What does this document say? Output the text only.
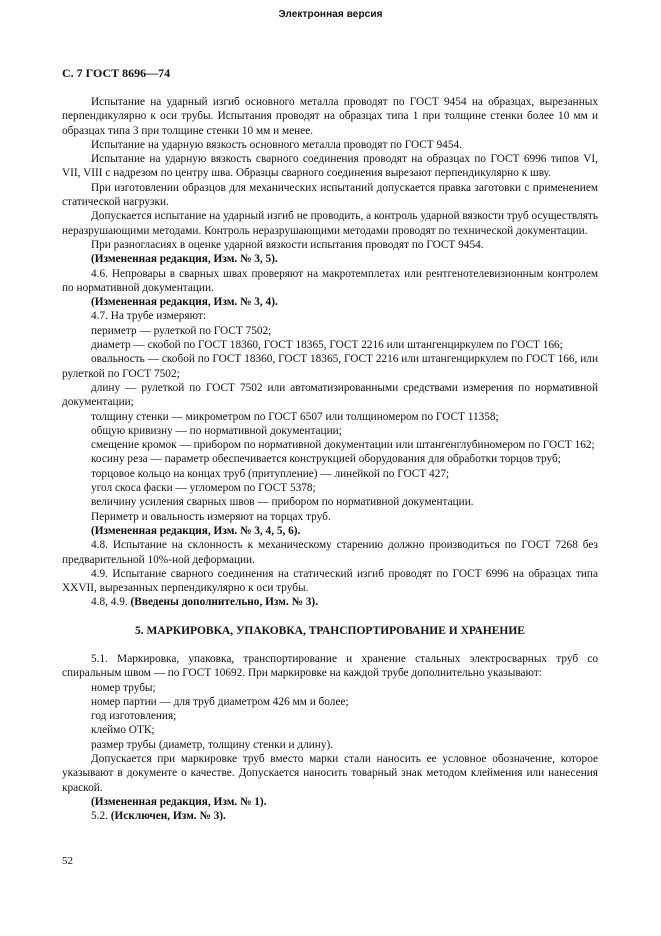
Электронная версия
С. 7 ГОСТ 8696—74

Испытание на ударный изгиб основного металла проводят по ГОСТ 9454 на образцах, вырезанных перпендикулярно к оси трубы. Испытания проводят на образцах типа 1 при толщине стенки более 10 мм и образцах типа 3 при толщине стенки 10 мм и менее.

Испытание на ударную вязкость основного металла проводят по ГОСТ 9454.

Испытание на ударную вязкость сварного соединения проводят на образцах по ГОСТ 6996 типов VI, VII, VIII с надрезом по центру шва. Образцы сварного соединения вырезают перпендикулярно к шву.

При изготовлении образцов для механических испытаний допускается правка заготовки с применением статической нагрузки.

Допускается испытание на ударный изгиб не проводить, а контроль ударной вязкости труб осуществлять неразрушающими методами. Контроль неразрушающими методами проводят по технической документации.

При разногласиях в оценке ударной вязкости испытания проводят по ГОСТ 9454.

(Измененная редакция, Изм. № 3, 5).

4.6. Непровары в сварных швах проверяют на макротемплетах или рентгенотелевизионным контролем по нормативной документации.

(Измененная редакция, Изм. № 3, 4).

4.7. На трубе измеряют:

периметр — рулеткой по ГОСТ 7502;

диаметр — скобой по ГОСТ 18360, ГОСТ 18365, ГОСТ 2216 или штангенциркулем по ГОСТ 166;

овальность — скобой по ГОСТ 18360, ГОСТ 18365, ГОСТ 2216 или штангенциркулем по ГОСТ 166, или рулеткой по ГОСТ 7502;

длину — рулеткой по ГОСТ 7502 или автоматизированными средствами измерения по нормативной документации;

толщину стенки — микрометром по ГОСТ 6507 или толщиномером по ГОСТ 11358;

общую кривизну — по нормативной документации;

смещение кромок — прибором по нормативной документации или штангенглубиномером по ГОСТ 162;

косину реза — параметр обеспечивается конструкцией оборудования для обработки торцов труб;

торцовое кольцо на концах труб (притупление) — линейкой по ГОСТ 427;

угол скоса фаски — угломером по ГОСТ 5378;

величину усиления сварных швов — прибором по нормативной документации.

Периметр и овальность измеряют на торцах труб.

(Измененная редакция, Изм. № 3, 4, 5, 6).

4.8. Испытание на склонность к механическому старению должно производиться по ГОСТ 7268 без предварительной 10%-ной деформации.

4.9. Испытание сварного соединения на статический изгиб проводят по ГОСТ 6996 на образцах типа XXVII, вырезанных перпендикулярно к оси трубы.

4.8, 4.9. (Введены дополнительно, Изм. № 3).

5. МАРКИРОВКА, УПАКОВКА, ТРАНСПОРТИРОВАНИЕ И ХРАНЕНИЕ

5.1. Маркировка, упаковка, транспортирование и хранение стальных электросварных труб со спиральным швом — по ГОСТ 10692. При маркировке на каждой трубе дополнительно указывают:

номер трубы;

номер партии — для труб диаметром 426 мм и более;

год изготовления;

клеймо ОТК;

размер трубы (диаметр, толщину стенки и длину).

Допускается при маркировке труб вместо марки стали наносить ее условное обозначение, которое указывают в документе о качестве. Допускается наносить товарный знак методом клеймения или нанесения краской.

(Измененная редакция, Изм. № 1).

5.2. (Исключен, Изм. № 3).

52
